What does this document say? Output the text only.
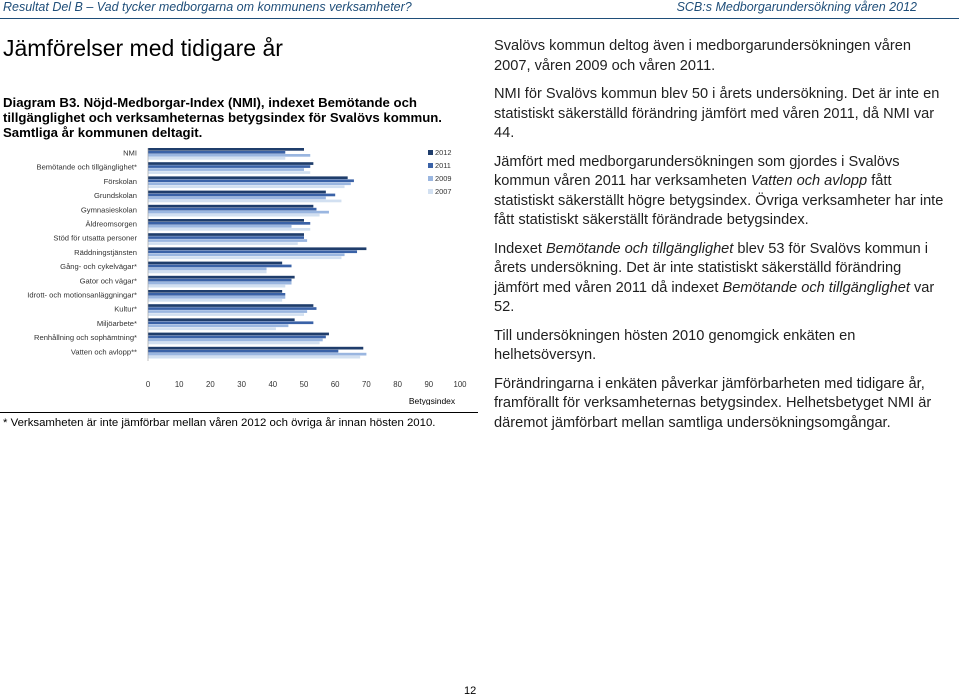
Resultat Del B – Vad tycker medborgarna om kommunens verksamheter?	SCB:s Medborgarundersökning våren 2012
Jämförelser med tidigare år
Diagram B3. Nöjd-Medborgar-Index (NMI), indexet Bemötande och tillgänglighet och verksamheternas betygsindex för Svalövs kommun. Samtliga år kommunen deltagit.
NMI
Bemötande och tillgänglighet*
Förskolan
Grundskolan
Gymnasieskolan
Äldreomsorgen
Stöd för utsatta personer
Räddningstjänsten
Gång- och cykelvägar*
Gator och vägar*
Idrott- och motionsanläggningar*
Kultur*
Miljöarbete*
Renhållning och sophämtning*
Vatten och avlopp**
0	10	20	30	40	50	60	70	80	90	100
2012
2011
2009
2007
Betygsindex
* Verksamheten är inte jämförbar mellan våren 2012 och övriga år innan hösten 2010.

Svalövs kommun deltog även i medborgarundersökningen våren 2007, våren 2009 och våren 2011.

NMI för Svalövs kommun blev 50 i årets undersökning. Det är inte en statistiskt säkerställd förändring jämfört med våren 2011, då NMI var 44.

Jämfört med medborgarundersökningen som gjordes i Svalövs kommun våren 2011 har verksamheten Vatten och avlopp fått statistiskt säkerställt högre betygsindex. Övriga verksamheter har inte fått statistiskt säkerställt förändrade betygsindex.

Indexet Bemötande och tillgänglighet blev 53 för Svalövs kommun i årets undersökning. Det är inte statistiskt säkerställd förändring jämfört med våren 2011 då indexet Bemötande och tillgänglighet var 52.

Till undersökningen hösten 2010 genomgick enkäten en helhetsöversyn.

Förändringarna i enkäten påverkar jämförbarheten med tidigare år, framförallt för verksamheternas betygsindex. Helhetsbetyget NMI är däremot jämförbart mellan samtliga undersökningsomgångar.

12
